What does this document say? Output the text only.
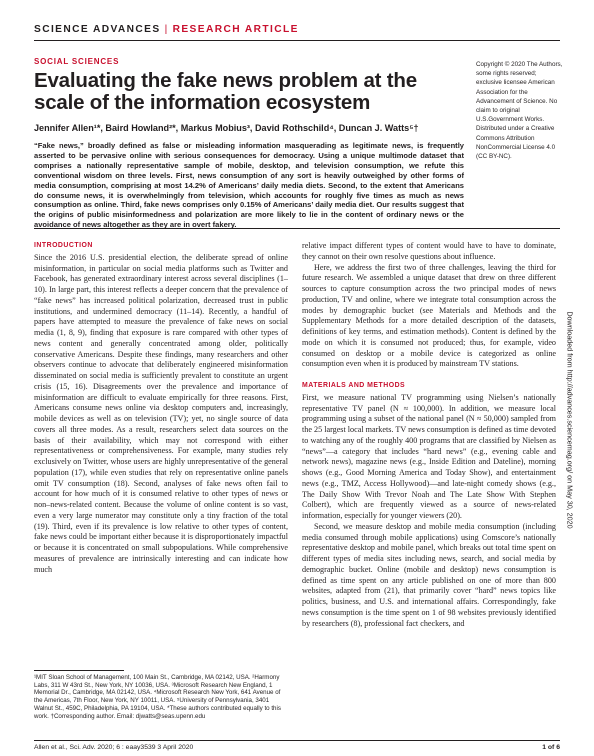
SCIENCE ADVANCES | RESEARCH ARTICLE
SOCIAL SCIENCES
Evaluating the fake news problem at the scale of the information ecosystem
Jennifer Allen¹*, Baird Howland²*, Markus Mobius³, David Rothschild⁴, Duncan J. Watts⁵†
“Fake news,” broadly defined as false or misleading information masquerading as legitimate news, is frequently asserted to be pervasive online with serious consequences for democracy. Using a unique multimode dataset that comprises a nationally representative sample of mobile, desktop, and television consumption, we refute this conventional wisdom on three levels. First, news consumption of any sort is heavily outweighed by other forms of media consumption, comprising at most 14.2% of Americans’ daily media diets. Second, to the extent that Americans do consume news, it is overwhelmingly from television, which accounts for roughly five times as much as news consumption as online. Third, fake news comprises only 0.15% of Americans’ daily media diet. Our results suggest that the origins of public misinformedness and polarization are more likely to lie in the content of ordinary news or the avoidance of news altogether as they are in overt fakery.
Copyright © 2020 The Authors, some rights reserved; exclusive licensee American Association for the Advancement of Science. No claim to original U.S.Government Works. Distributed under a Creative Commons Attribution NonCommercial License 4.0 (CC BY-NC).
INTRODUCTION

Since the 2016 U.S. presidential election, the deliberate spread of online misinformation, in particular on social media platforms such as Twitter and Facebook, has generated extraordinary interest across several disciplines (1–10). In large part, this interest reflects a deeper concern that the prevalence of “fake news” has increased political polarization, decreased trust in public institutions, and undermined democracy (11–14). Recently, a handful of papers have attempted to measure the prevalence of fake news on social media (1, 8, 9), finding that exposure is rare compared with other types of news content and generally concentrated among older, politically conservative Americans. Despite these findings, many researchers and other observers continue to advocate that deliberately engineered misinformation disseminated on social media is sufficiently prevalent to constitute an urgent crisis (15, 16). Disagreements over the prevalence and importance of misinformation are difficult to evaluate empirically for three reasons. First, Americans consume news online via desktop computers and, increasingly, mobile devices as well as on television (TV); yet, no single source of data covers all three modes. As a result, researchers select data sources on the basis of their availability, which may not correspond with either representativeness or comprehensiveness. For example, many studies rely exclusively on Twitter, whose users are highly unrepresentative of the general population (17), while even studies that rely on representative online panels omit TV consumption (18). Second, analyses of fake news often fail to account for how much of it is consumed relative to other types of news or non–news-related content. Because the volume of online content is so vast, even a very large numerator may constitute only a tiny fraction of the total (19). Third, even if its prevalence is low relative to other types of content, fake news could be important either because it is disproportionately impactful or because it is concentrated on small subpopulations. While comprehensive measures of prevalence are intrinsically interesting and can indicate how much

relative impact different types of content would have to have to dominate, they cannot on their own resolve questions about influence.

Here, we address the first two of three challenges, leaving the third for future research. We assembled a unique dataset that drew on three different sources to capture consumption across the two principal modes of news production, TV and online, where we integrate total consumption across the modes by demographic bucket (see Materials and Methods and the Supplementary Methods for a more detailed description of the datasets, definitions of key terms, and estimation methods). Content is defined by the mode on which it is consumed not produced; thus, for example, video consumed on desktop or a mobile device is categorized as online consumption even when it is produced by mainstream TV stations.

MATERIALS AND METHODS

First, we measure national TV programming using Nielsen’s nationally representative TV panel (N ≈ 100,000). In addition, we measure local programming using a subset of the national panel (N ≈ 50,000) sampled from the 25 largest local markets. TV news consumption is defined as time devoted to watching any of the roughly 400 programs that are classified by Nielsen as “news”—a category that includes “hard news” (e.g., evening cable and network news), magazine news (e.g., Inside Edition and Dateline), morning shows (e.g., Good Morning America and Today Show), and entertainment news (e.g., TMZ, Access Hollywood)—and late-night comedy shows (e.g., The Daily Show With Trevor Noah and The Late Show With Stephen Colbert), which are frequently viewed as a source of news-related information, especially for younger viewers (20).

Second, we measure desktop and mobile media consumption (including media consumed through mobile applications) using Comscore’s nationally representative desktop and mobile panel, which breaks out total time spent on different types of media sites including news, search, and social media by demographic bucket. Online (mobile and desktop) news consumption is defined as time spent on any article published on one of more than 800 websites, adapted from (21), that primarily cover “hard” news topics like politics, business, and U.S. and international affairs. Correspondingly, fake news consumption is the time spent on 1 of 98 websites previously identified by researchers (8), professional fact checkers, and

¹MIT Sloan School of Management, 100 Main St., Cambridge, MA 02142, USA. ²Harmony Labs, 311 W 43rd St., New York, NY 10036, USA. ³Microsoft Research New England, 1 Memorial Dr., Cambridge, MA 02142, USA. ⁴Microsoft Research New York, 641 Avenue of the Americas, 7th Floor, New York, NY 10011, USA. ⁵University of Pennsylvania, 3401 Walnut St., 459C, Philadelphia, PA 19104, USA. *These authors contributed equally to this work. †Corresponding author. Email: djwatts@seas.upenn.edu
Downloaded from http://advances.sciencemag.org/ on May 30, 2020
Allen et al., Sci. Adv. 2020; 6 : eaay3539 3 April 2020	1 of 6
